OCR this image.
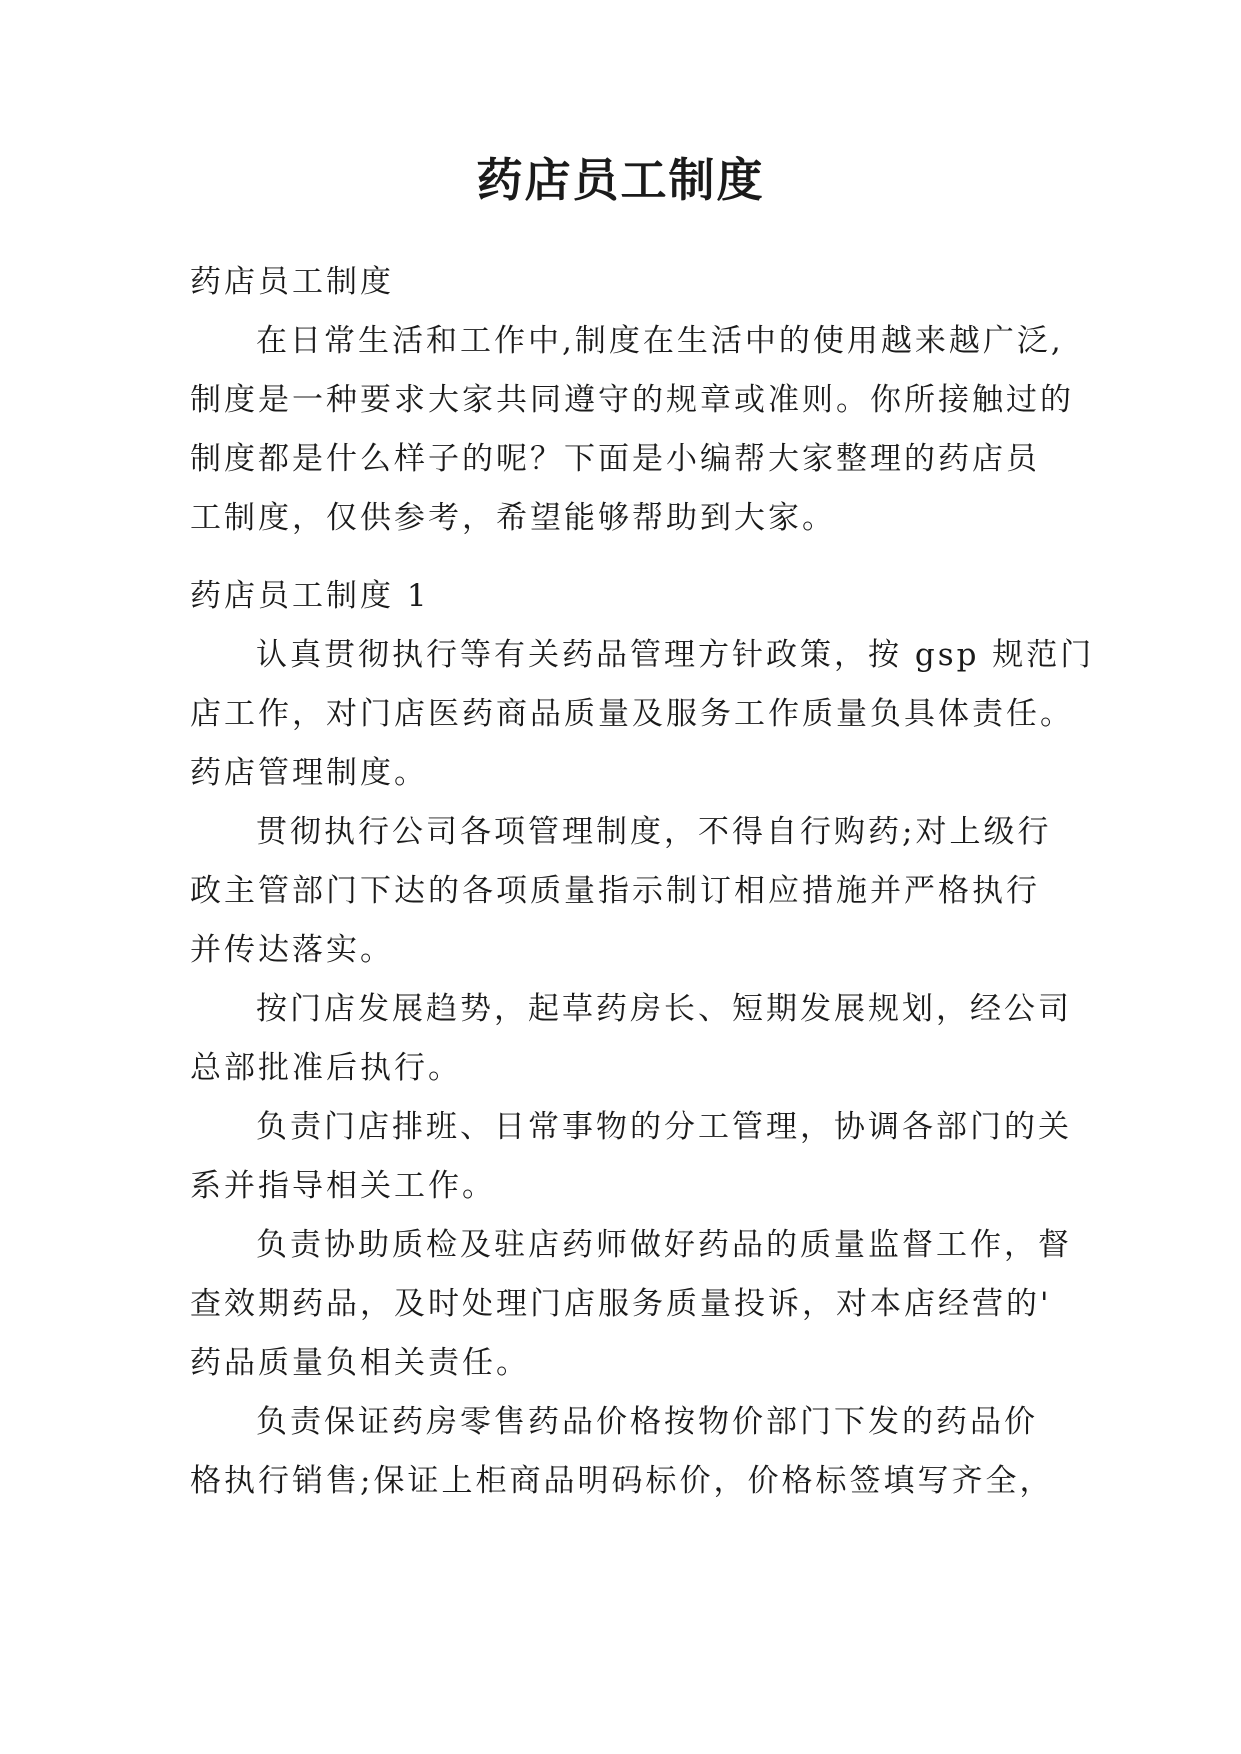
药店员工制度
药店员工制度
在日常生活和工作中,制度在生活中的使用越来越广泛,
制度是一种要求大家共同遵守的规章或准则。你所接触过的
制度都是什么样子的呢？下面是小编帮大家整理的药店员
工制度，仅供参考，希望能够帮助到大家。
药店员工制度 1
认真贯彻执行等有关药品管理方针政策，按 gsp 规范门
店工作，对门店医药商品质量及服务工作质量负具体责任。
药店管理制度。
贯彻执行公司各项管理制度，不得自行购药;对上级行
政主管部门下达的各项质量指示制订相应措施并严格执行
并传达落实。
按门店发展趋势，起草药房长、短期发展规划，经公司
总部批准后执行。
负责门店排班、日常事物的分工管理，协调各部门的关
系并指导相关工作。
负责协助质检及驻店药师做好药品的质量监督工作，督
查效期药品，及时处理门店服务质量投诉，对本店经营的'
药品质量负相关责任。
负责保证药房零售药品价格按物价部门下发的药品价
格执行销售;保证上柜商品明码标价，价格标签填写齐全，
